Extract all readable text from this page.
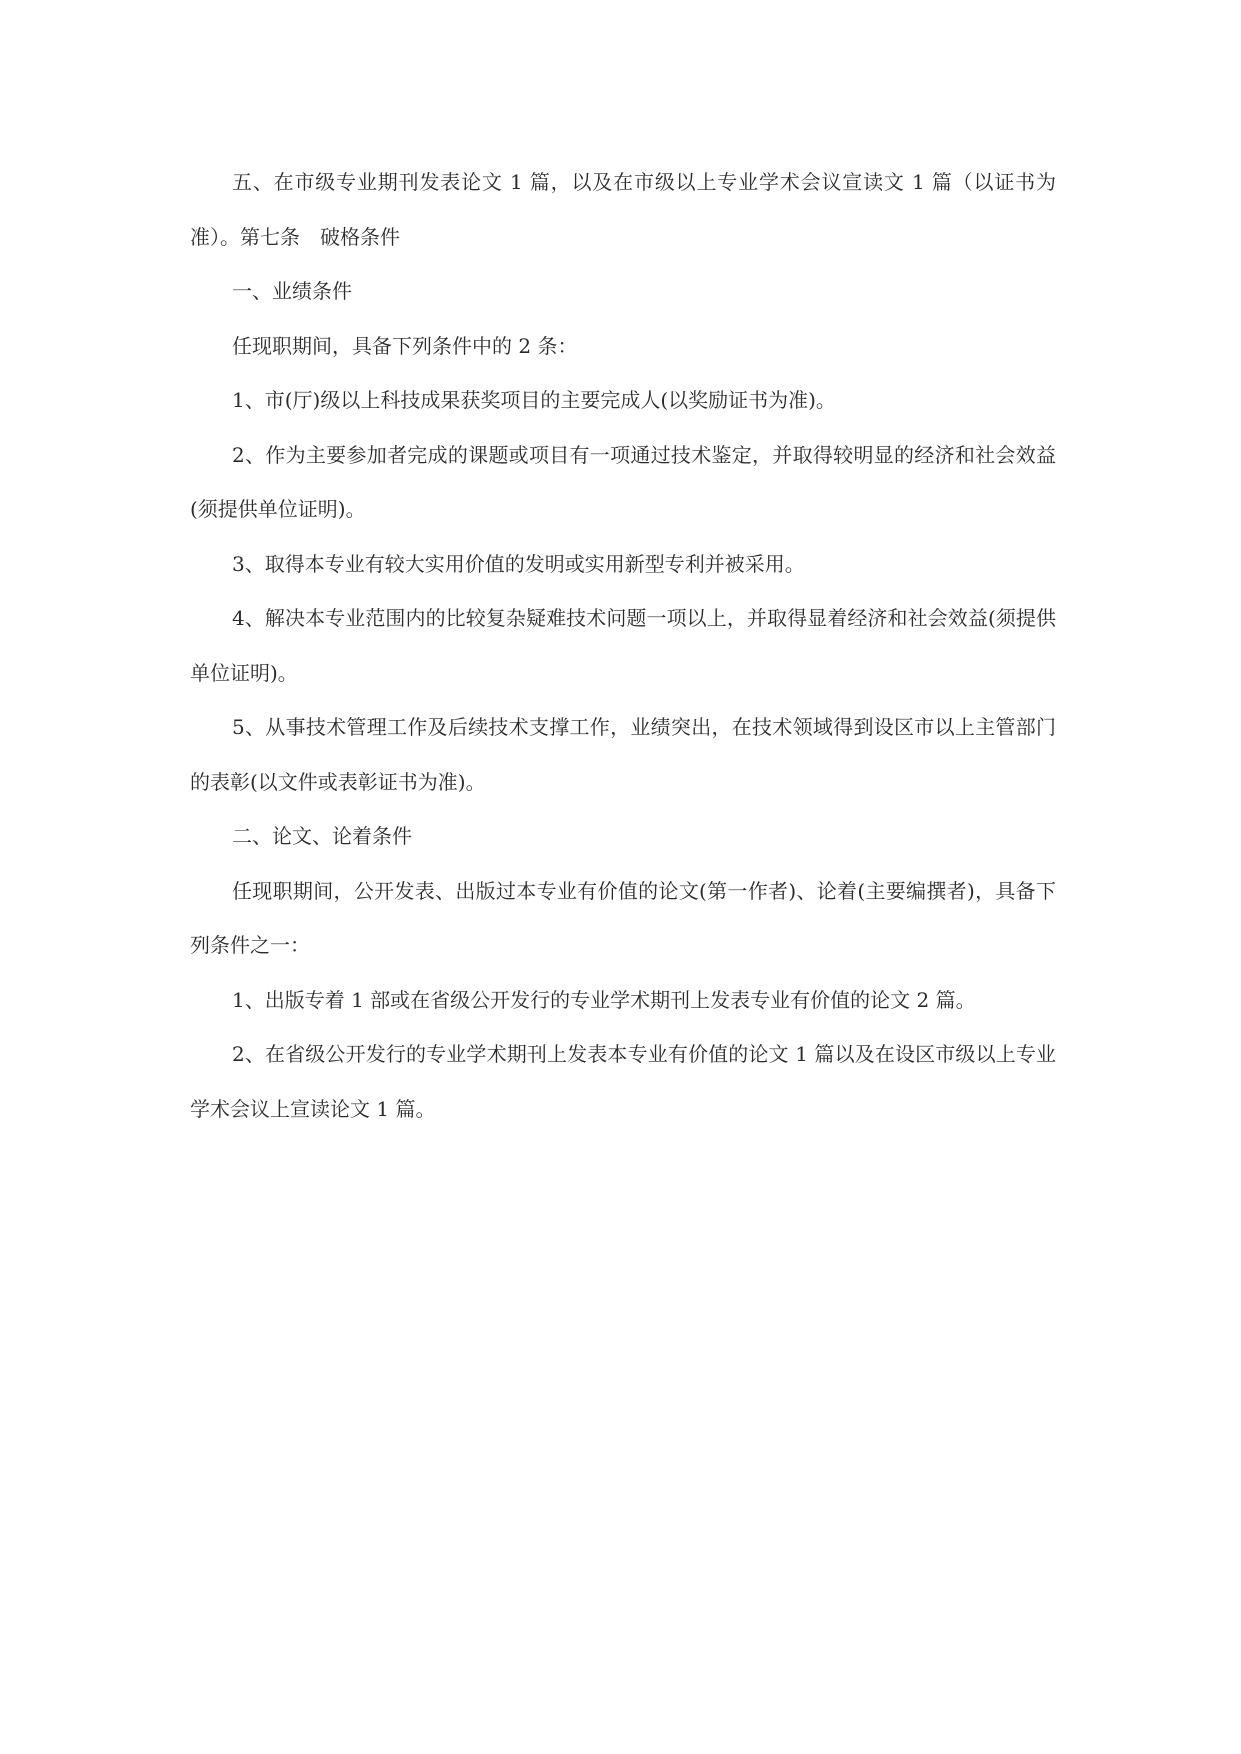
五、在市级专业期刊发表论文 1 篇，以及在市级以上专业学术会议宣读文 1 篇（以证书为准）。第七条　破格条件

一、业绩条件

任现职期间，具备下列条件中的 2 条：

1、市(厅)级以上科技成果获奖项目的主要完成人(以奖励证书为准)。

2、作为主要参加者完成的课题或项目有一项通过技术鉴定，并取得较明显的经济和社会效益(须提供单位证明)。

3、取得本专业有较大实用价值的发明或实用新型专利并被采用。

4、解决本专业范围内的比较复杂疑难技术问题一项以上，并取得显着经济和社会效益(须提供单位证明)。

5、从事技术管理工作及后续技术支撑工作，业绩突出，在技术领域得到设区市以上主管部门的表彰(以文件或表彰证书为准)。

二、论文、论着条件

任现职期间，公开发表、出版过本专业有价值的论文(第一作者)、论着(主要编撰者)，具备下列条件之一：

1、出版专着 1 部或在省级公开发行的专业学术期刊上发表专业有价值的论文 2 篇。

2、在省级公开发行的专业学术期刊上发表本专业有价值的论文 1 篇以及在设区市级以上专业学术会议上宣读论文 1 篇。
